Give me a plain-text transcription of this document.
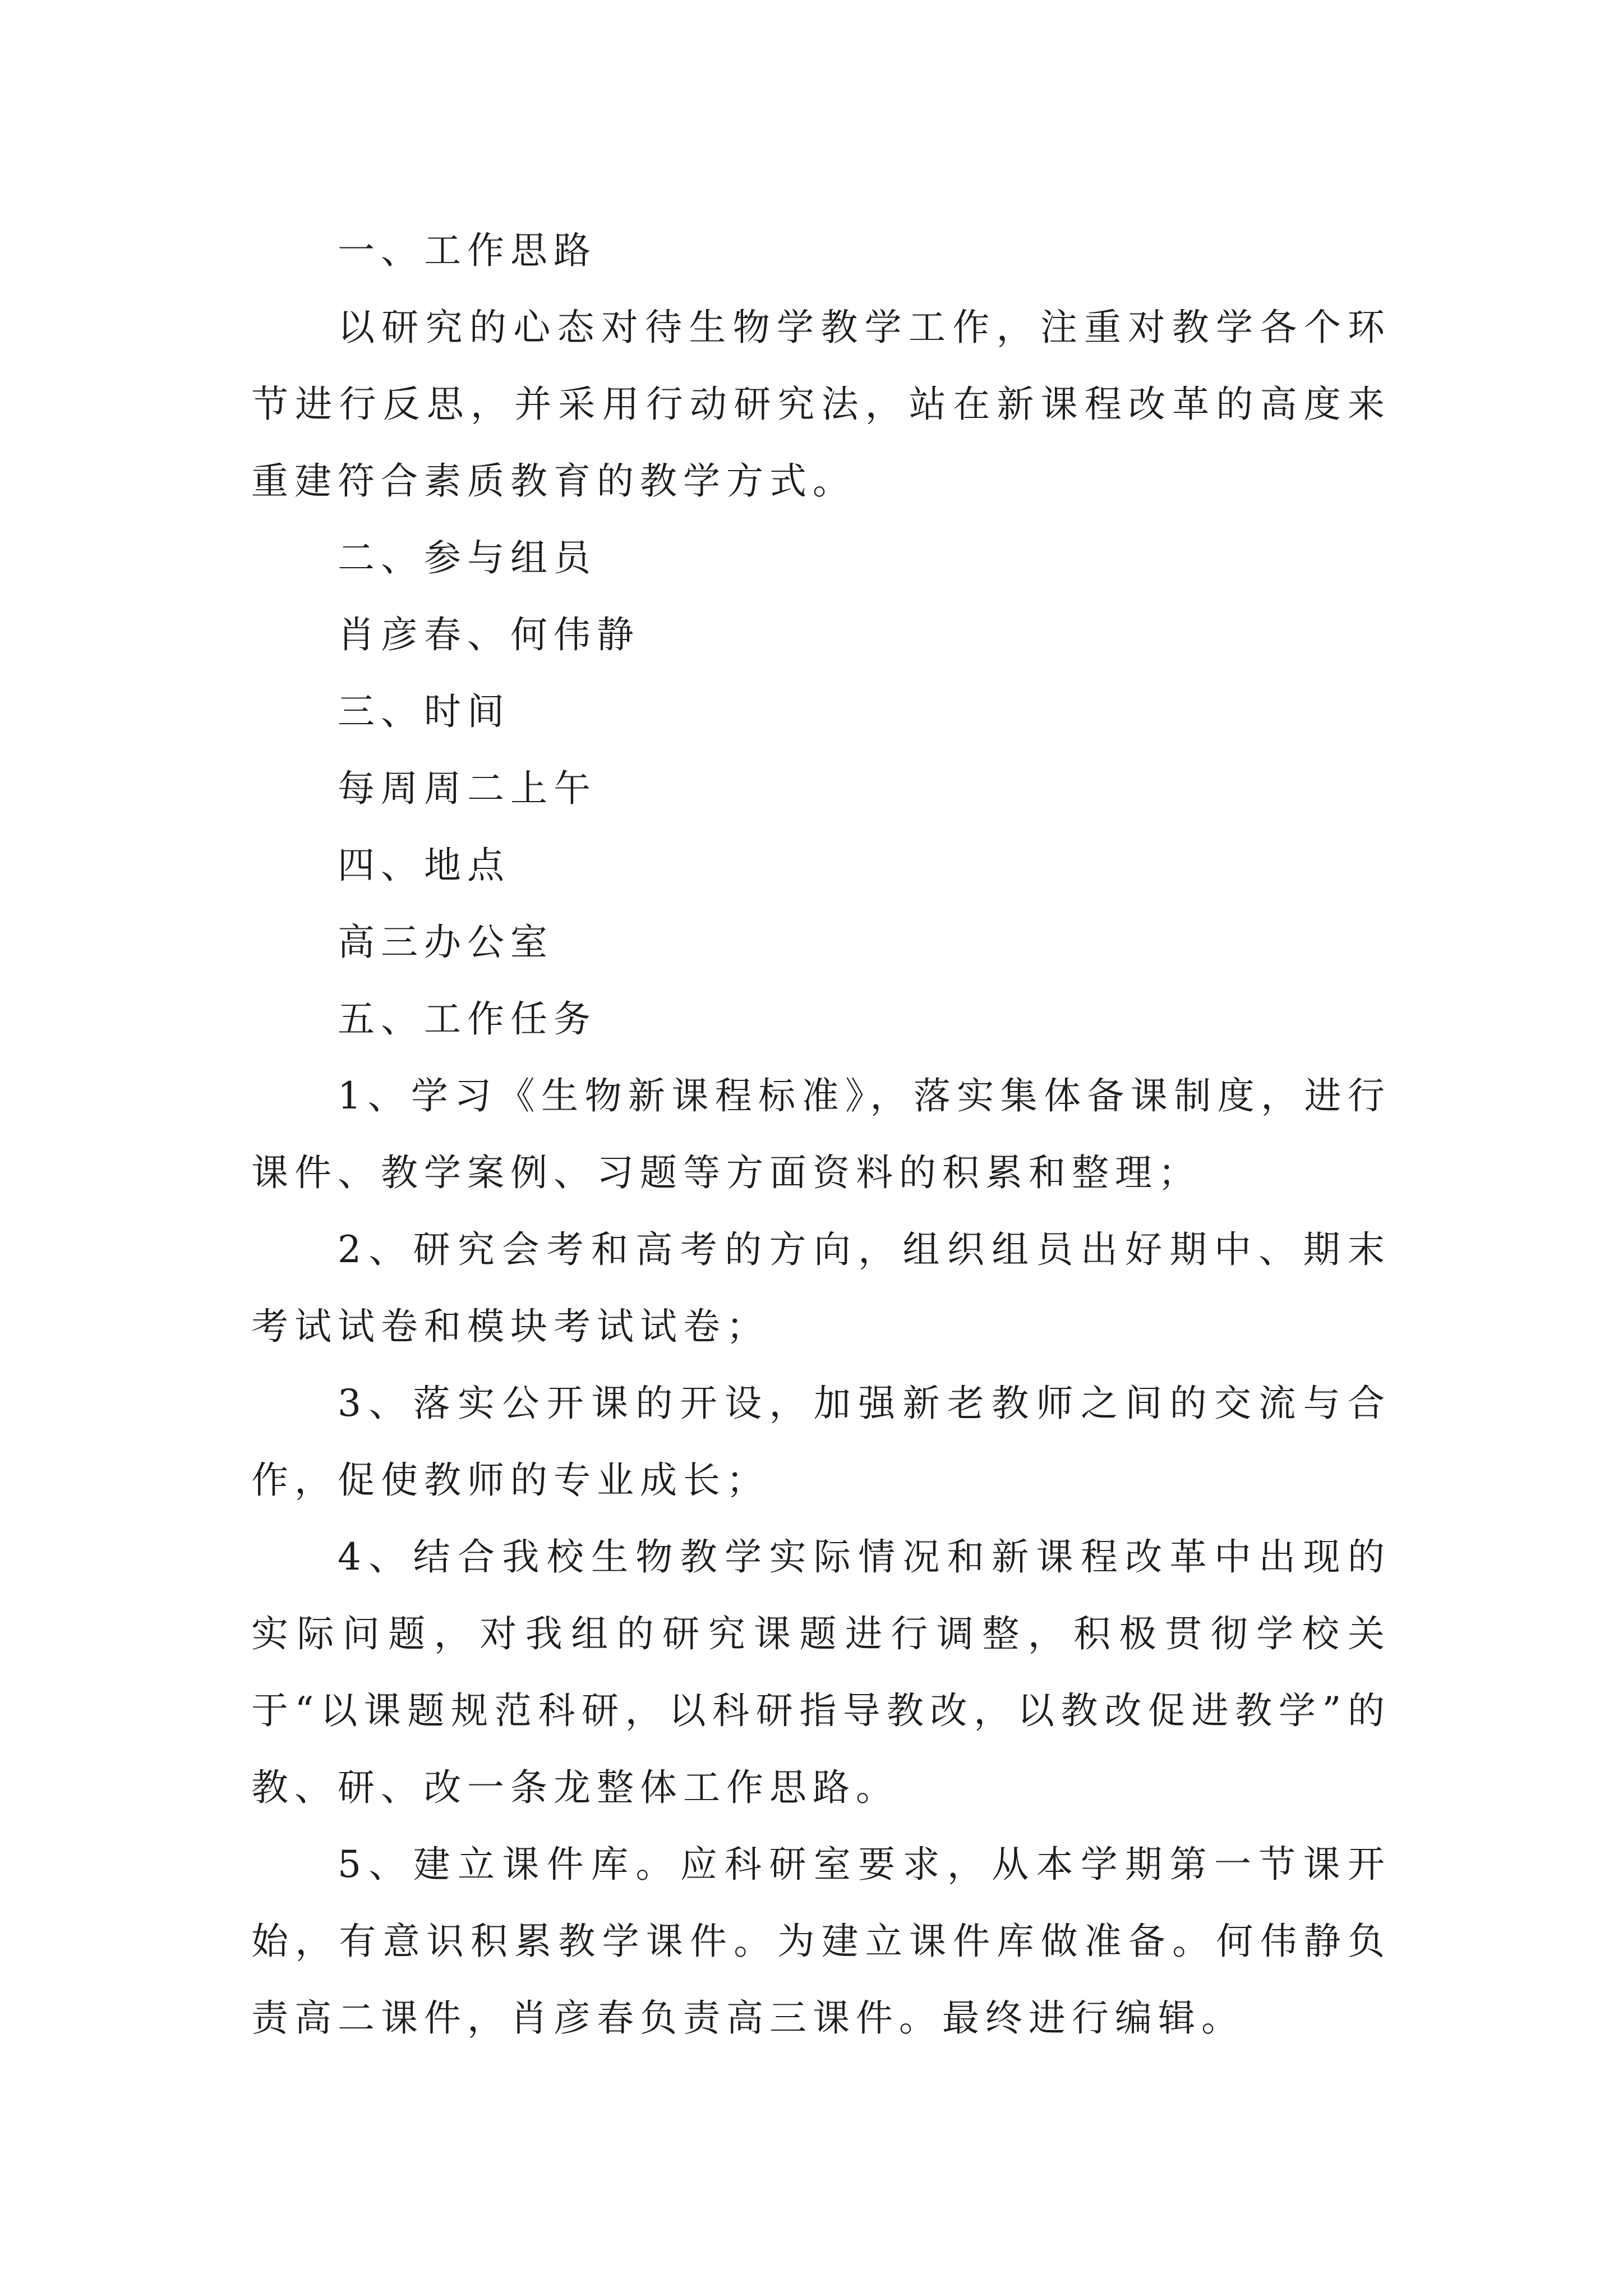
一、工作思路

以研究的心态对待生物学教学工作，注重对教学各个环节进行反思，并采用行动研究法，站在新课程改革的高度来重建符合素质教育的教学方式。

二、参与组员

肖彦春、何伟静

三、时间

每周周二上午

四、地点

高三办公室

五、工作任务

1、学习《生物新课程标准》，落实集体备课制度，进行课件、教学案例、习题等方面资料的积累和整理；

2、研究会考和高考的方向，组织组员出好期中、期末考试试卷和模块考试试卷；

3、落实公开课的开设，加强新老教师之间的交流与合作，促使教师的专业成长；

4、结合我校生物教学实际情况和新课程改革中出现的实际问题，对我组的研究课题进行调整，积极贯彻学校关于“以课题规范科研，以科研指导教改，以教改促进教学”的教、研、改一条龙整体工作思路。

5、建立课件库。应科研室要求，从本学期第一节课开始，有意识积累教学课件。为建立课件库做准备。何伟静负责高二课件，肖彦春负责高三课件。最终进行编辑。
